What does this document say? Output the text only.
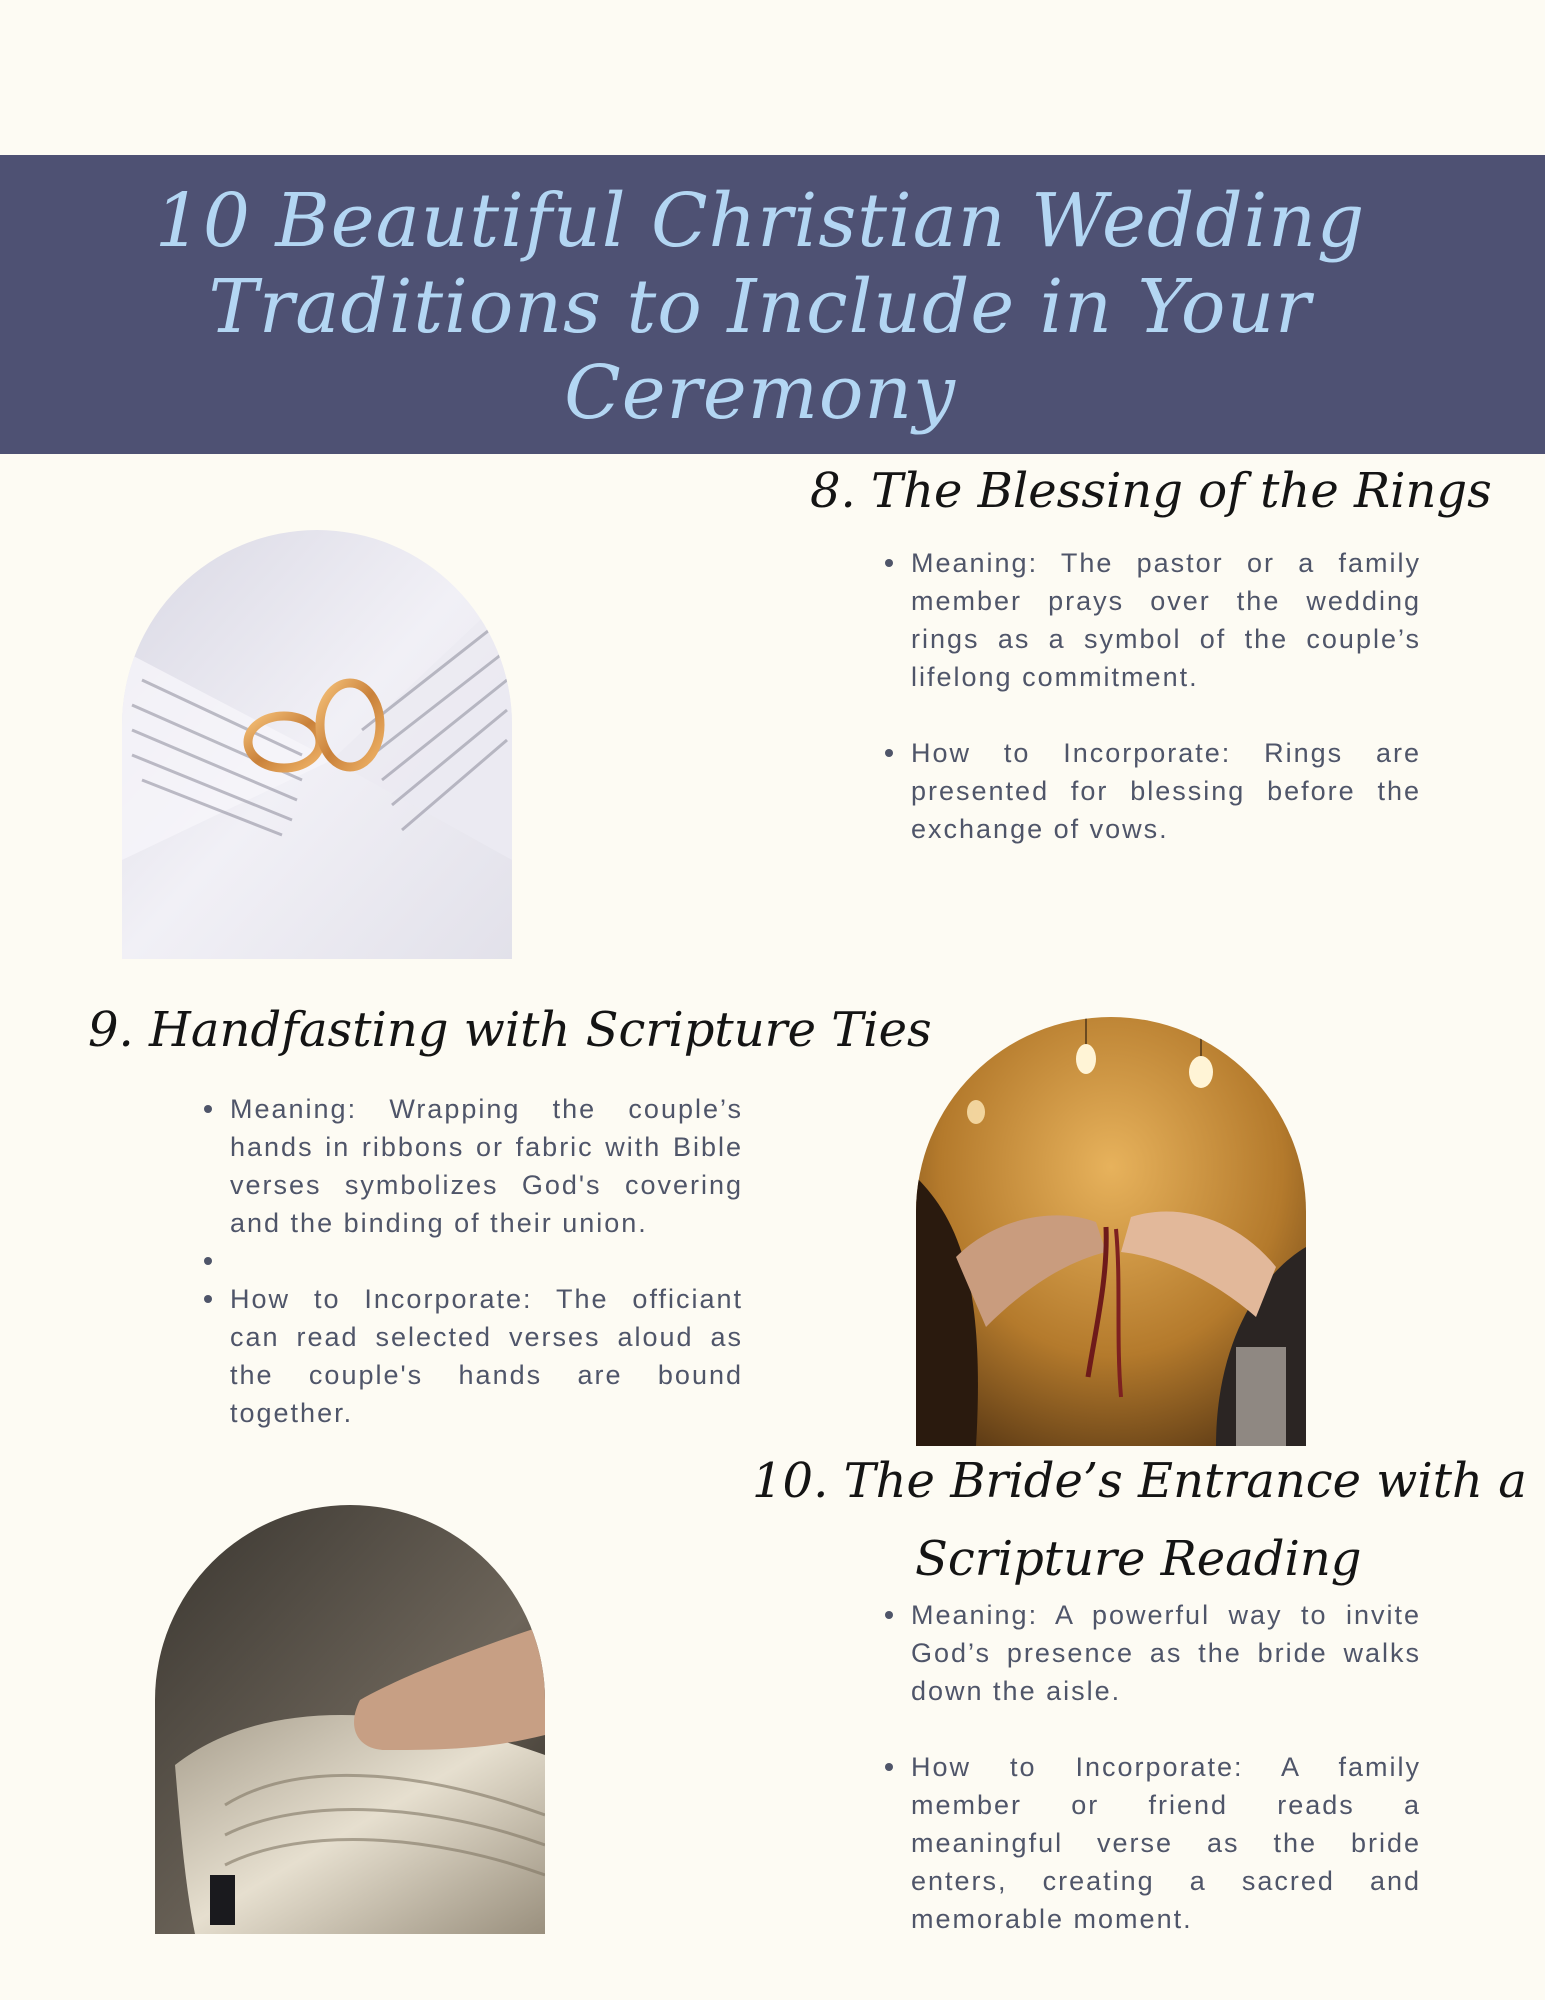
10 Beautiful Christian Wedding Traditions to Include in Your Ceremony
8. The Blessing of the Rings
Meaning: The pastor or a family member prays over the wedding rings as a symbol of the couple’s lifelong commitment.
How to Incorporate: Rings are presented for blessing before the exchange of vows.
9. Handfasting with Scripture Ties
Meaning: Wrapping the couple’s hands in ribbons or fabric with Bible verses symbolizes God's covering and the binding of their union.
How to Incorporate: The officiant can read selected verses aloud as the couple's hands are bound together.
10. The Bride’s Entrance with a
Scripture Reading
Meaning: A powerful way to invite God’s presence as the bride walks down the aisle.
How to Incorporate: A family member or friend reads a meaningful verse as the bride enters, creating a sacred and memorable moment.
